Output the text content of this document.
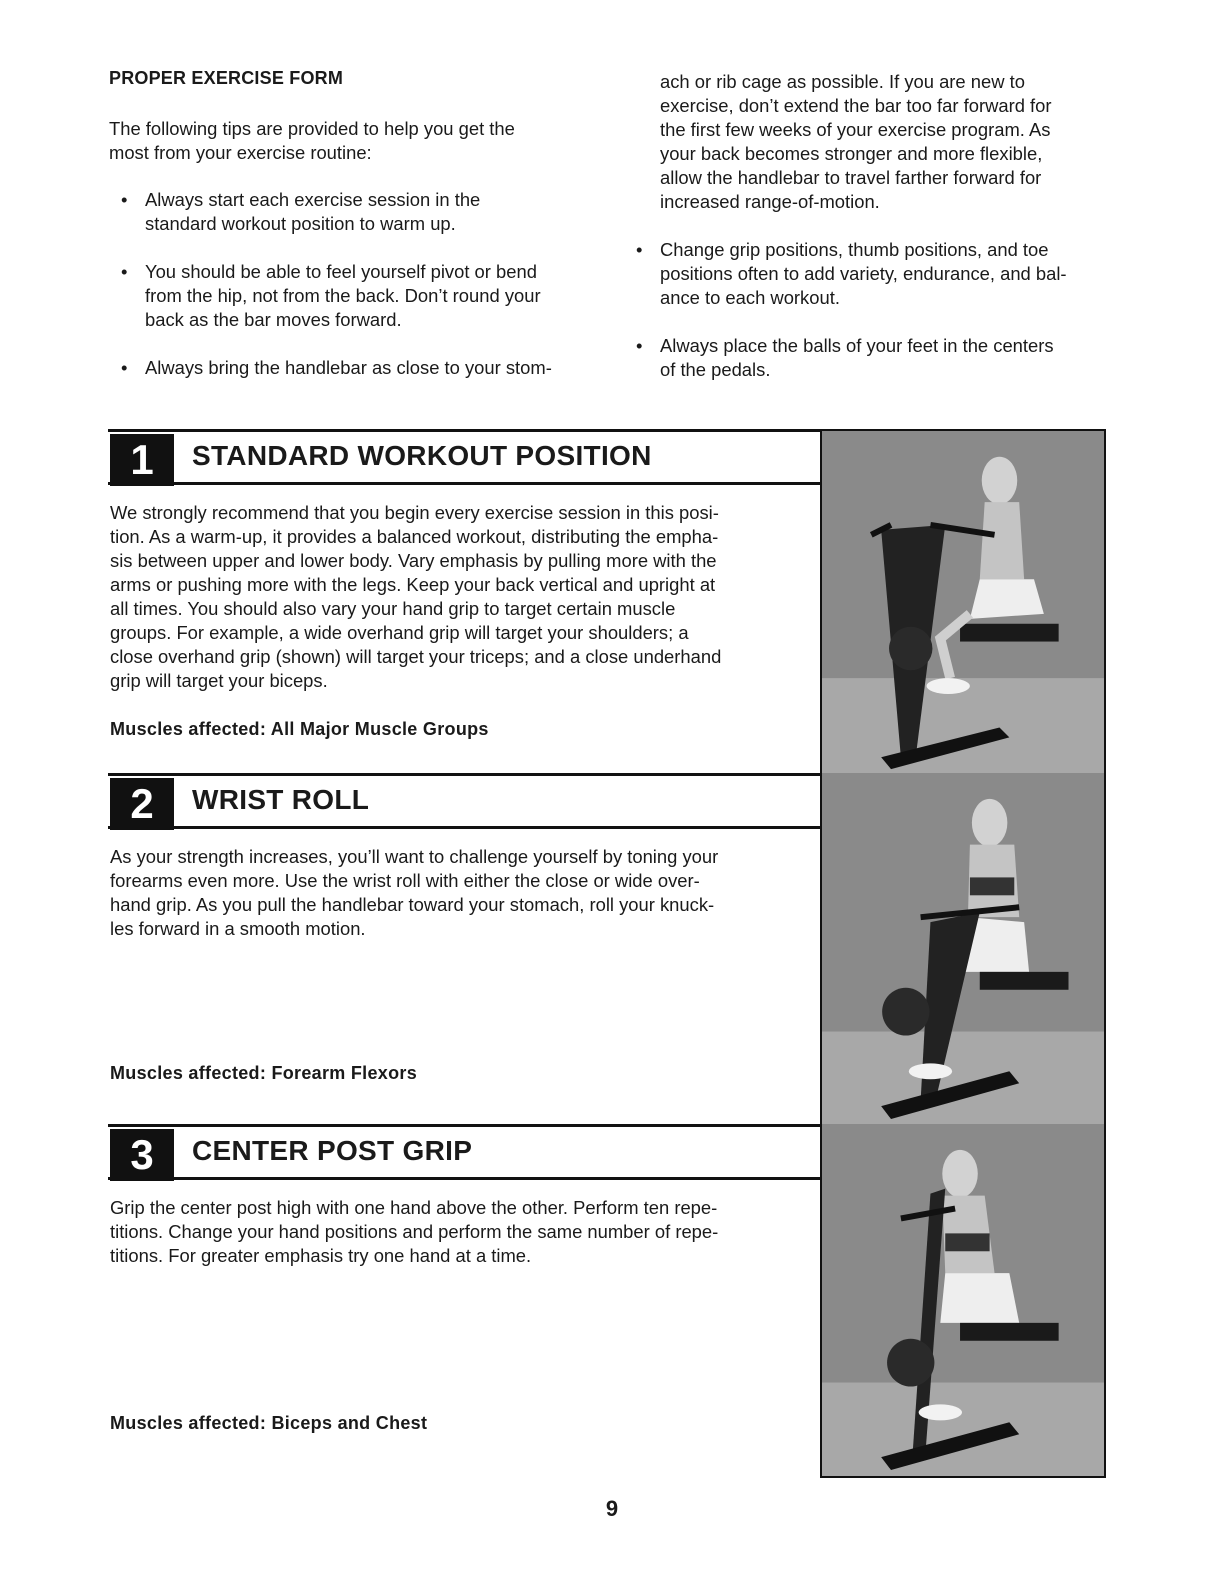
PROPER EXERCISE FORM
The following tips are provided to help you get the
most from your exercise routine:
• Always start each exercise session in the
standard workout position to warm up.
• You should be able to feel yourself pivot or bend
from the hip, not from the back. Don’t round your
back as the bar moves forward.
• Always bring the handlebar as close to your stom-
ach or rib cage as possible. If you are new to
exercise, don’t extend the bar too far forward for
the first few weeks of your exercise program. As
your back becomes stronger and more flexible,
allow the handlebar to travel farther forward for
increased range-of-motion.
• Change grip positions, thumb positions, and toe
positions often to add variety, endurance, and bal-
ance to each workout.
• Always place the balls of your feet in the centers
of the pedals.
1	STANDARD WORKOUT POSITION
We strongly recommend that you begin every exercise session in this posi-
tion. As a warm-up, it provides a balanced workout, distributing the empha-
sis between upper and lower body. Vary emphasis by pulling more with the
arms or pushing more with the legs. Keep your back vertical and upright at
all times. You should also vary your hand grip to target certain muscle
groups. For example, a wide overhand grip will target your shoulders; a
close overhand grip (shown) will target your triceps; and a close underhand
grip will target your biceps.
Muscles affected: All Major Muscle Groups
2	WRIST ROLL
As your strength increases, you’ll want to challenge yourself by toning your
forearms even more. Use the wrist roll with either the close or wide over-
hand grip. As you pull the handlebar toward your stomach, roll your knuck-
les forward in a smooth motion.
Muscles affected: Forearm Flexors
3	CENTER POST GRIP
Grip the center post high with one hand above the other. Perform ten repe-
titions. Change your hand positions and perform the same number of repe-
titions. For greater emphasis try one hand at a time.
Muscles affected: Biceps and Chest
9
